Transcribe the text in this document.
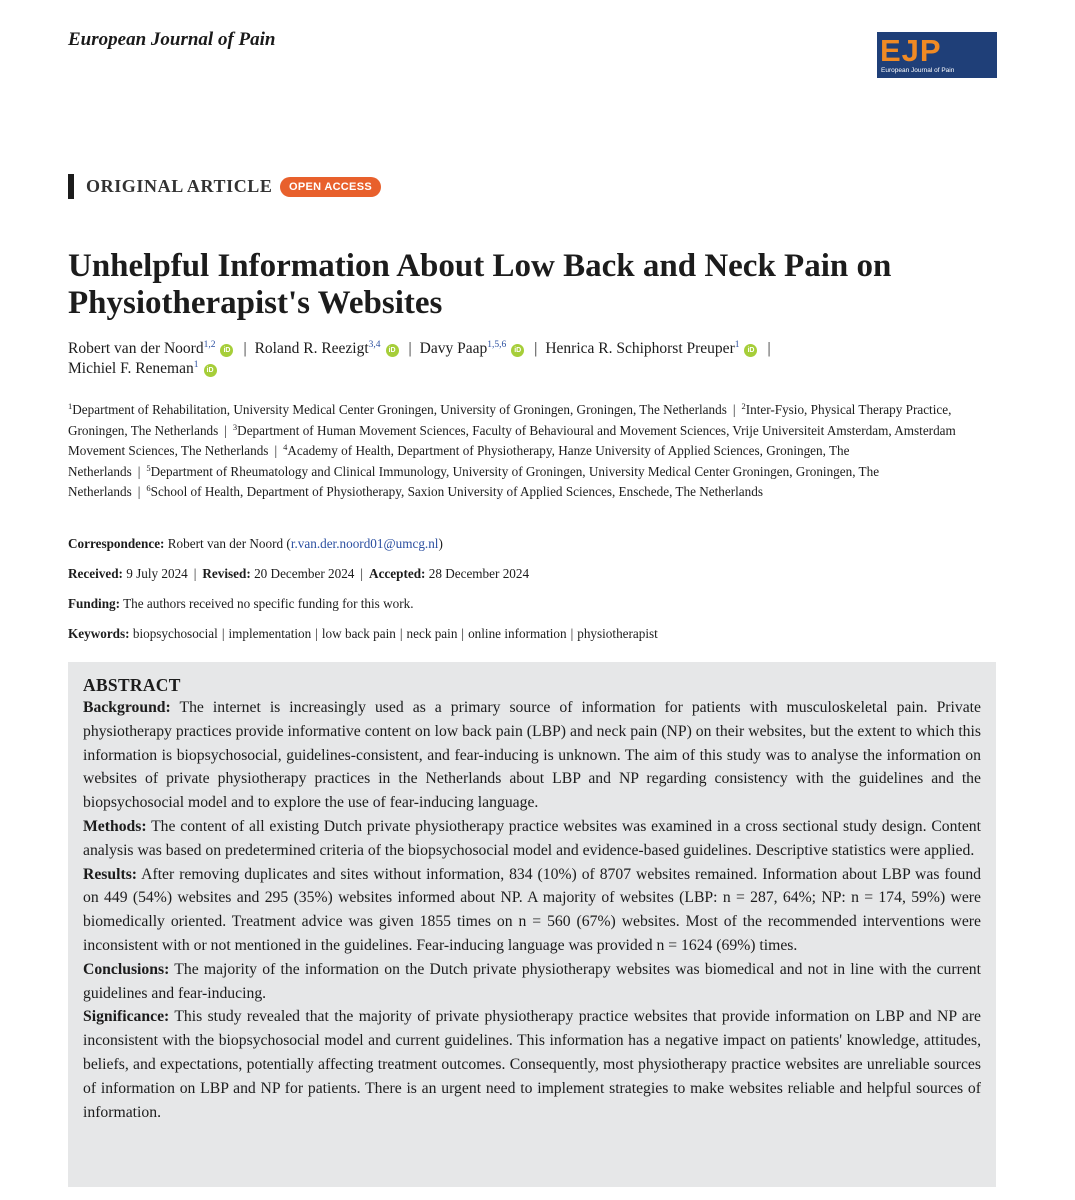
European Journal of Pain	EJP
European Journal of Pain
ORIGINAL ARTICLE	OPEN ACCESS
Unhelpful Information About Low Back and Neck Pain on Physiotherapist's Websites
Robert van der Noord$^{1,2}$iD | Roland R. Reezigt$^{3,4}$iD | Davy Paap$^{1,5,6}$iD | Henrica R. Schiphorst Preuper$^1$iD |
Michiel F. Reneman$^1$iD
$^1$Department of Rehabilitation, University Medical Center Groningen, University of Groningen, Groningen, The Netherlands | $^2$Inter-Fysio, Physical Therapy Practice, Groningen, The Netherlands | $^3$Department of Human Movement Sciences, Faculty of Behavioural and Movement Sciences, Vrije Universiteit Amsterdam, Amsterdam Movement Sciences, The Netherlands | $^4$Academy of Health, Department of Physiotherapy, Hanze University of Applied Sciences, Groningen, The Netherlands | $^5$Department of Rheumatology and Clinical Immunology, University of Groningen, University Medical Center Groningen, Groningen, The Netherlands | $^6$School of Health, Department of Physiotherapy, Saxion University of Applied Sciences, Enschede, The Netherlands
Correspondence: Robert van der Noord (r.van.der.noord01@umcg.nl)
Received: 9 July 2024 | Revised: 20 December 2024 | Accepted: 28 December 2024
Funding: The authors received no specific funding for this work.
Keywords: biopsychosocial | implementation | low back pain | neck pain | online information | physiotherapist
ABSTRACT

Background: The internet is increasingly used as a primary source of information for patients with musculoskeletal pain. Private physiotherapy practices provide informative content on low back pain (LBP) and neck pain (NP) on their websites, but the extent to which this information is biopsychosocial, guidelines-consistent, and fear-inducing is unknown. The aim of this study was to analyse the information on websites of private physiotherapy practices in the Netherlands about LBP and NP regarding consistency with the guidelines and the biopsychosocial model and to explore the use of fear-inducing language.

Methods: The content of all existing Dutch private physiotherapy practice websites was examined in a cross sectional study design. Content analysis was based on predetermined criteria of the biopsychosocial model and evidence-based guidelines. Descriptive statistics were applied.

Results: After removing duplicates and sites without information, 834 (10%) of 8707 websites remained. Information about LBP was found on 449 (54%) websites and 295 (35%) websites informed about NP. A majority of websites (LBP: n = 287, 64%; NP: n = 174, 59%) were biomedically oriented. Treatment advice was given 1855 times on n = 560 (67%) websites. Most of the recommended interventions were inconsistent with or not mentioned in the guidelines. Fear-inducing language was provided n = 1624 (69%) times.

Conclusions: The majority of the information on the Dutch private physiotherapy websites was biomedical and not in line with the current guidelines and fear-inducing.

Significance: This study revealed that the majority of private physiotherapy practice websites that provide information on LBP and NP are inconsistent with the biopsychosocial model and current guidelines. This information has a negative impact on patients' knowledge, attitudes, beliefs, and expectations, potentially affecting treatment outcomes. Consequently, most physiotherapy practice websites are unreliable sources of information on LBP and NP for patients. There is an urgent need to implement strategies to make websites reliable and helpful sources of information.
